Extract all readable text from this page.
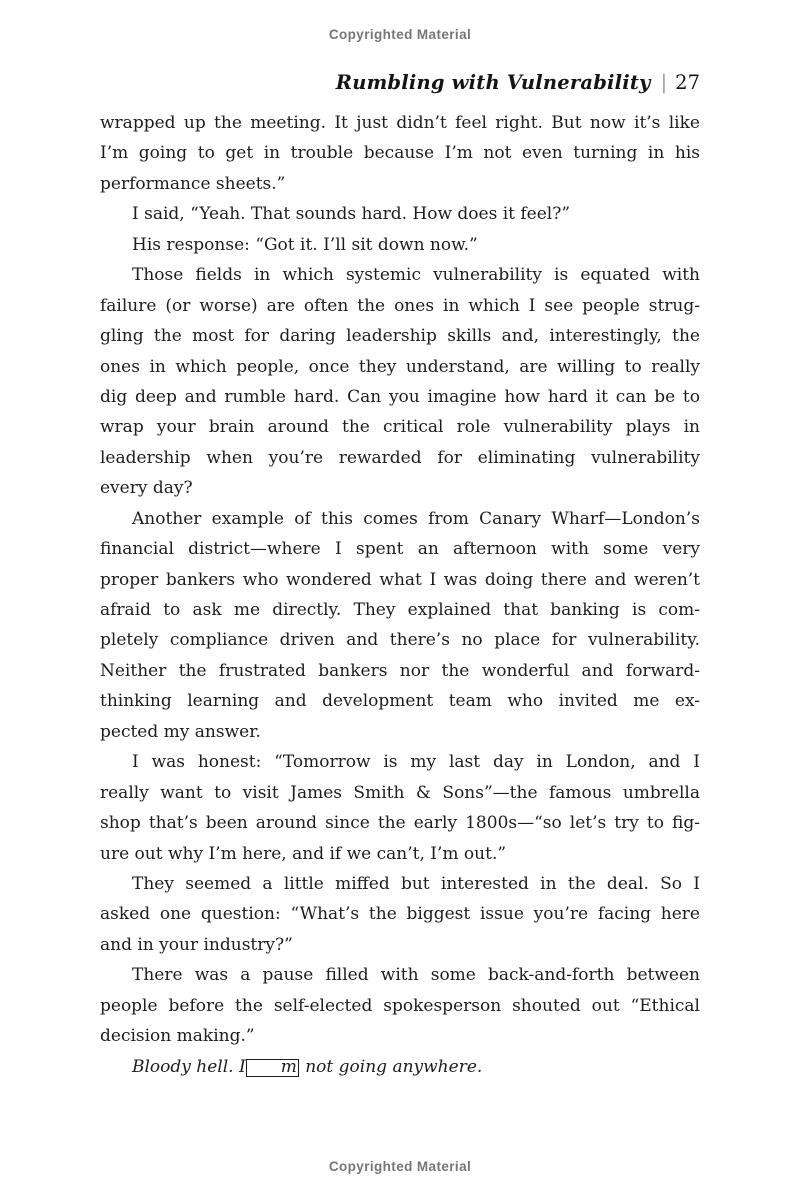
Copyrighted Material
Rumbling with Vulnerability | 27
wrapped up the meeting. It just didn’t feel right. But now it’s like
I’m going to get in trouble because I’m not even turning in his
performance sheets.”
I said, “Yeah. That sounds hard. How does it feel?”
His response: “Got it. I’ll sit down now.”
Those fields in which systemic vulnerability is equated with
failure (or worse) are often the ones in which I see people strug-
gling the most for daring leadership skills and, interestingly, the
ones in which people, once they understand, are willing to really
dig deep and rumble hard. Can you imagine how hard it can be to
wrap your brain around the critical role vulnerability plays in
leadership when you’re rewarded for eliminating vulnerability
every day?
Another example of this comes from Canary Wharf—London’s
financial district—where I spent an afternoon with some very
proper bankers who wondered what I was doing there and weren’t
afraid to ask me directly. They explained that banking is com-
pletely compliance driven and there’s no place for vulnerability.
Neither the frustrated bankers nor the wonderful and forward-
thinking learning and development team who invited me ex-
pected my answer.
I was honest: “Tomorrow is my last day in London, and I
really want to visit James Smith & Sons”—the famous umbrella
shop that’s been around since the early 1800s—“so let’s try to fig-
ure out why I’m here, and if we can’t, I’m out.”
They seemed a little miffed but interested in the deal. So I
asked one question: “What’s the biggest issue you’re facing here
and in your industry?”
There was a pause filled with some back-and-forth between
people before the self-elected spokesperson shouted out “Ethical
decision making.”
Bloody hell. I m not going anywhere.
Copyrighted Material
